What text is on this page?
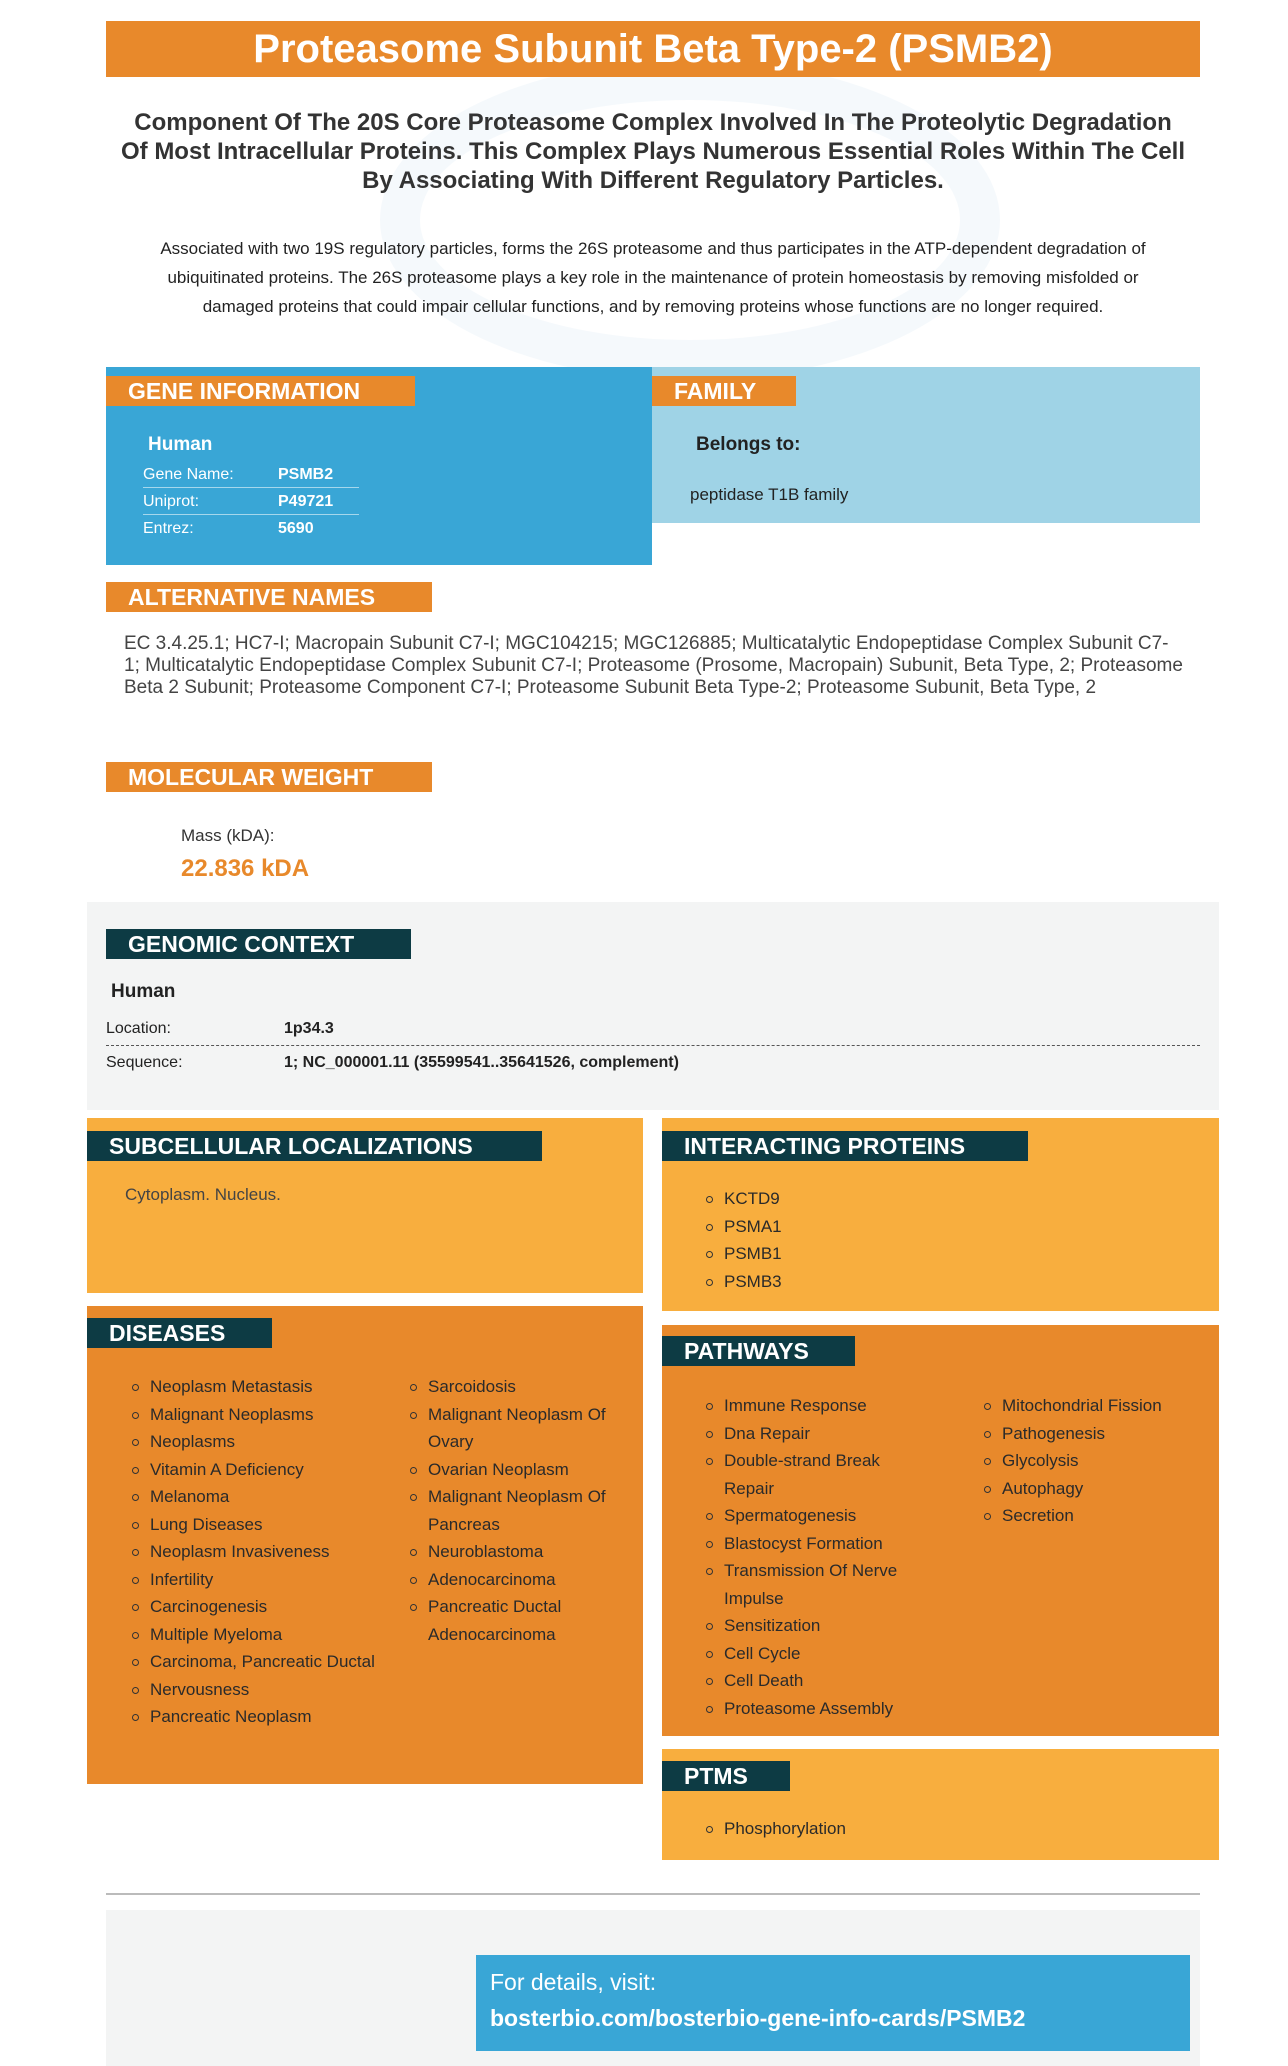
Proteasome Subunit Beta Type-2 (PSMB2)
Component Of The 20S Core Proteasome Complex Involved In The Proteolytic Degradation Of Most Intracellular Proteins. This Complex Plays Numerous Essential Roles Within The Cell By Associating With Different Regulatory Particles.
Associated with two 19S regulatory particles, forms the 26S proteasome and thus participates in the ATP-dependent degradation of ubiquitinated proteins. The 26S proteasome plays a key role in the maintenance of protein homeostasis by removing misfolded or damaged proteins that could impair cellular functions, and by removing proteins whose functions are no longer required.
GENE INFORMATION
Human
Gene Name:	PSMB2
Uniprot:	P49721
Entrez:	5690
FAMILY
Belongs to:
peptidase T1B family
ALTERNATIVE NAMES
EC 3.4.25.1; HC7-I; Macropain Subunit C7-I; MGC104215; MGC126885; Multicatalytic Endopeptidase Complex Subunit C7-1; Multicatalytic Endopeptidase Complex Subunit C7-I; Proteasome (Prosome, Macropain) Subunit, Beta Type, 2; Proteasome Beta 2 Subunit; Proteasome Component C7-I; Proteasome Subunit Beta Type-2; Proteasome Subunit, Beta Type, 2
MOLECULAR WEIGHT
Mass (kDA):
22.836 kDA
GENOMIC CONTEXT
Human
Location:	1p34.3
Sequence:	1; NC_000001.11 (35599541..35641526, complement)
SUBCELLULAR LOCALIZATIONS
Cytoplasm. Nucleus.
INTERACTING PROTEINS
KCTD9
PSMA1
PSMB1
PSMB3
DISEASES
Neoplasm Metastasis
Malignant Neoplasms
Neoplasms
Vitamin A Deficiency
Melanoma
Lung Diseases
Neoplasm Invasiveness
Infertility
Carcinogenesis
Multiple Myeloma
Carcinoma, Pancreatic Ductal
Nervousness
Pancreatic Neoplasm
Sarcoidosis
Malignant Neoplasm Of Ovary
Ovarian Neoplasm
Malignant Neoplasm Of Pancreas
Neuroblastoma
Adenocarcinoma
Pancreatic Ductal Adenocarcinoma
PATHWAYS
Immune Response
Dna Repair
Double-strand Break Repair
Spermatogenesis
Blastocyst Formation
Transmission Of Nerve Impulse
Sensitization
Cell Cycle
Cell Death
Proteasome Assembly
Mitochondrial Fission
Pathogenesis
Glycolysis
Autophagy
Secretion
PTMS
Phosphorylation
For details, visit:
bosterbio.com/bosterbio-gene-info-cards/PSMB2
